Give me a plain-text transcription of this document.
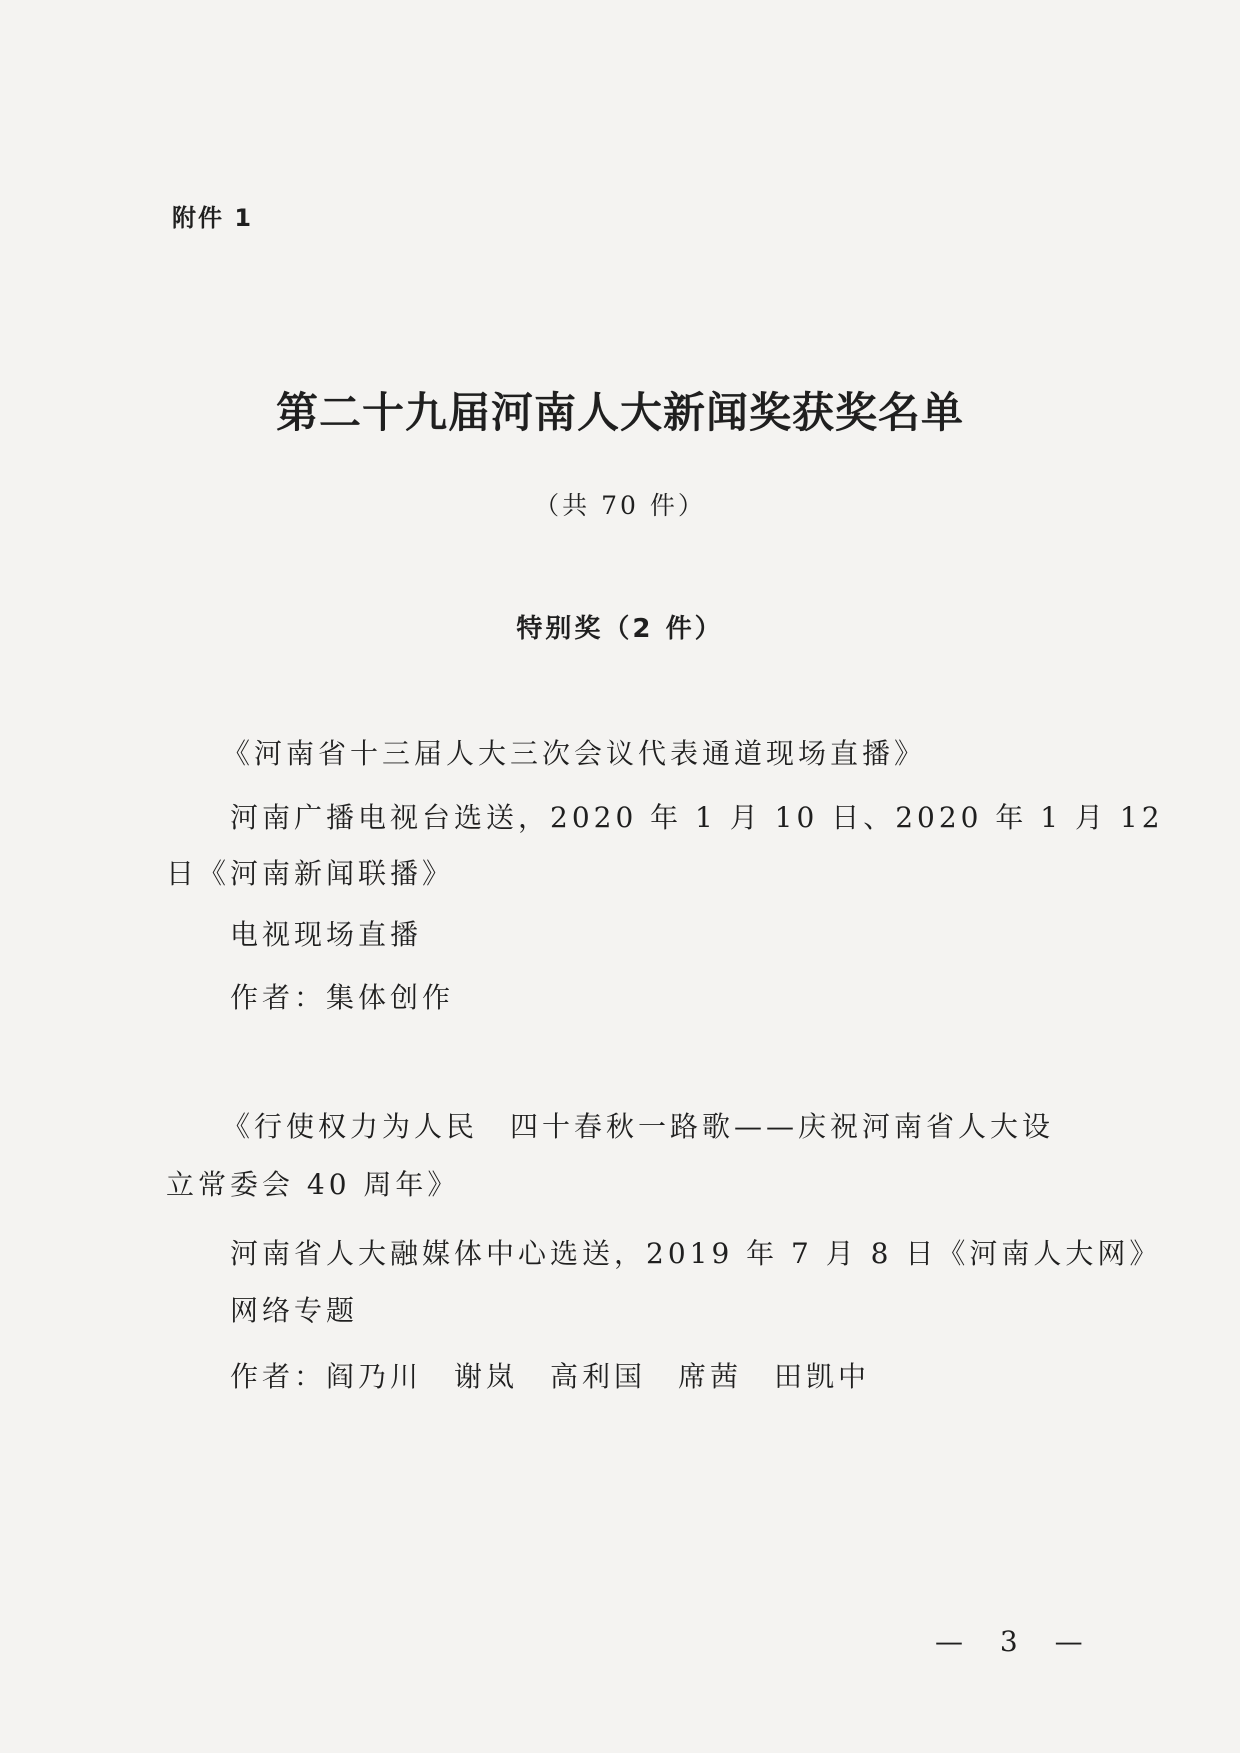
附件 1
第二十九届河南人大新闻奖获奖名单
（共 70 件）
特别奖（2 件）
《河南省十三届人大三次会议代表通道现场直播》
河南广播电视台选送，2020 年 1 月 10 日、2020 年 1 月 12
日《河南新闻联播》
电视现场直播
作者：集体创作
《行使权力为人民　四十春秋一路歌——庆祝河南省人大设
立常委会 40 周年》
河南省人大融媒体中心选送，2019 年 7 月 8 日《河南人大网》
网络专题
作者：阎乃川　谢岚　高利国　席茜　田凯中
— 3 —
